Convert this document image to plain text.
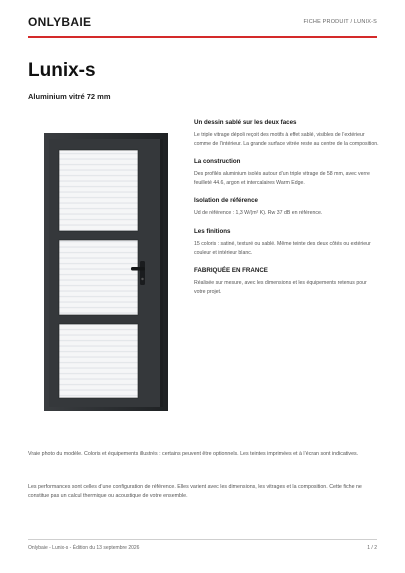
ONLYBAIE	FICHE PRODUIT / LUNIX-S
Lunix-s
Aluminium vitré 72 mm

Un dessin sablé sur les deux faces

Le triple vitrage dépoli reçoit des motifs à effet sablé, visibles de l’extérieur comme de l’intérieur. La grande surface vitrée reste au centre de la composition.

La construction

Des profilés aluminium isolés autour d’un triple vitrage de 58 mm, avec verre feuilleté 44.6, argon et intercalaires Warm Edge.

Isolation de référence

Ud de référence : 1,3 W/(m² K). Rw 37 dB en référence.

Les finitions

15 coloris : satiné, texturé ou sablé. Même teinte des deux côtés ou extérieur couleur et intérieur blanc.

FABRIQUÉE EN FRANCE

Réalisée sur mesure, avec les dimensions et les équipements retenus pour votre projet.

Vraie photo du modèle. Coloris et équipements illustrés : certains peuvent être optionnels. Les teintes imprimées et à l’écran sont indicatives.
Les performances sont celles d’une configuration de référence. Elles varient avec les dimensions, les vitrages et la composition. Cette fiche ne constitue pas un calcul thermique ou acoustique de votre ensemble.
Onlybaie - Lunix-s - Édition du 13 septembre 2026	1 / 2
